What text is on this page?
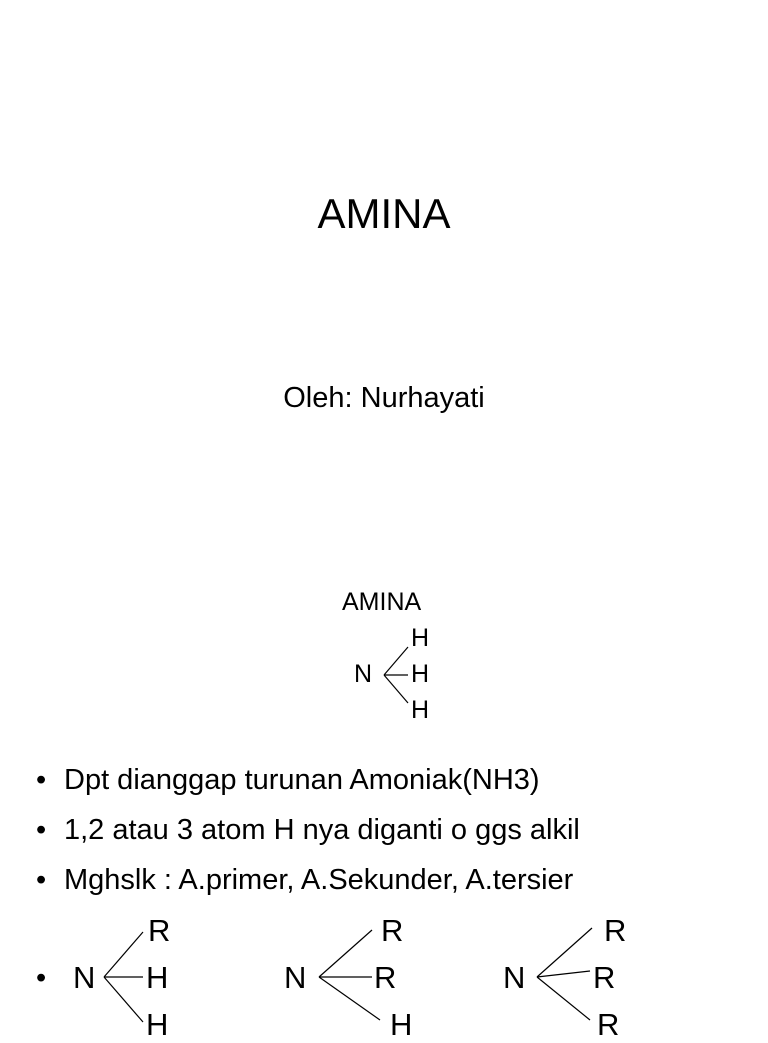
AMINA
Oleh: Nurhayati
AMINA
N
H
H
H
• Dpt dianggap turunan Amoniak(NH3)
• 1,2 atau 3 atom H nya diganti o ggs alkil
• Mghslk : A.primer, A.Sekunder, A.tersier
• N
R
H
H
N
R
R
H
N
R
R
R
